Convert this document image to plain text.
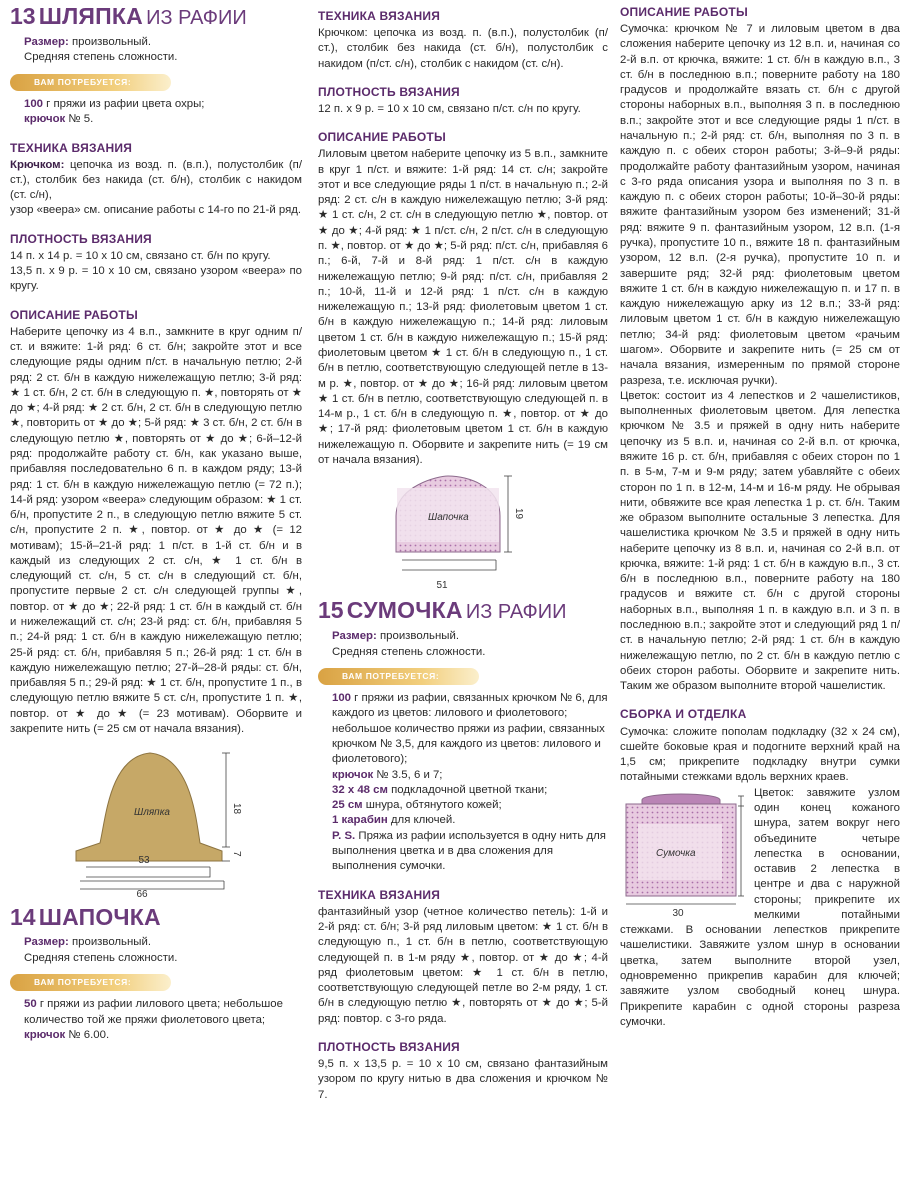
13 ШЛЯПКА ИЗ РАФИИ
Размер: произвольный.
Средняя степень сложности.
ВАМ ПОТРЕБУЕТСЯ:

100 г пряжи из рафии цвета охры;

крючок № 5.

ТЕХНИКА ВЯЗАНИЯ

Крючком: цепочка из возд. п. (в.п.), полустолбик (п/ст.), столбик без накида (ст. б/н), столбик с накидом (ст. с/н),

узор «веера» см. описание работы с 14-го по 21-й ряд.

ПЛОТНОСТЬ ВЯЗАНИЯ

14 п. x 14 р. = 10 x 10 см, связано ст. б/н по кругу.

13,5 п. x 9 р. = 10 x 10 см, связано узором «веера» по кругу.

ОПИСАНИЕ РАБОТЫ

Наберите цепочку из 4 в.п., замкните в круг одним п/ст. и вяжите: 1-й ряд: 6 ст. б/н; закройте этот и все следующие ряды одним п/ст. в начальную петлю; 2-й ряд: 2 ст. б/н в каждую нижележащую петлю; 3-й ряд: ★ 1 ст. б/н, 2 ст. б/н в следующую п. ★, повторять от ★ до ★; 4-й ряд: ★ 2 ст. б/н, 2 ст. б/н в следующую петлю ★, повторить от ★ до ★; 5-й ряд: ★ 3 ст. б/н, 2 ст. б/н в следующую петлю ★, повторять от ★ до ★; 6-й–12-й ряд: продолжайте работу ст. б/н, как указано выше, прибавляя последовательно 6 п. в каждом ряду; 13-й ряд: 1 ст. б/н в каждую нижележащую петлю (= 72 п.); 14-й ряд: узором «веера» следующим образом: ★ 1 ст. б/н, пропустите 2 п., в следующую петлю вяжите 5 ст. с/н, пропустите 2 п. ★, повтор. от ★ до ★ (= 12 мотивам); 15-й–21-й ряд: 1 п/ст. в 1-й ст. б/н и в каждый из следующих 2 ст. с/н, ★ 1 ст. б/н в следующий ст. с/н, 5 ст. с/н в следующий ст. б/н, пропустите первые 2 ст. с/н следующей группы ★, повтор. от ★ до ★; 22-й ряд: 1 ст. б/н в каждый ст. б/н и нижележащий ст. с/н; 23-й ряд: ст. б/н, прибавляя 5 п.; 24-й ряд: 1 ст. б/н в каждую нижележащую петлю; 25-й ряд: ст. б/н, прибавляя 5 п.; 26-й ряд: 1 ст. б/н в каждую нижележащую петлю; 27-й–28-й ряды: ст. б/н, прибавляя 5 п.; 29-й ряд: ★ 1 ст. б/н, пропустите 1 п., в следующую петлю вяжите 5 ст. с/н, пропустите 1 п. ★, повтор. от ★ до ★ (= 23 мотивам). Оборвите и закрепите нить (= 25 см от начала вязания).

Шляпка	18
7
53
66
14 ШАПОЧКА
Размер: произвольный.
Средняя степень сложности.
ВАМ ПОТРЕБУЕТСЯ:

50 г пряжи из рафии лилового цвета; небольшое количество той же пряжи фиолетового цвета;

крючок № 6.00.

ТЕХНИКА ВЯЗАНИЯ

Крючком: цепочка из возд. п. (в.п.), полустолбик (п/ст.), столбик без накида (ст. б/н), полустолбик с накидом (п/ст. с/н), столбик с накидом (ст. с/н).

ПЛОТНОСТЬ ВЯЗАНИЯ

12 п. x 9 р. = 10 x 10 см, связано п/ст. с/н по кругу.

ОПИСАНИЕ РАБОТЫ

Лиловым цветом наберите цепочку из 5 в.п., замкните в круг 1 п/ст. и вяжите: 1-й ряд: 14 ст. с/н; закройте этот и все следующие ряды 1 п/ст. в начальную п.; 2-й ряд: 2 ст. с/н в каждую нижележащую петлю; 3-й ряд: ★ 1 ст. с/н, 2 ст. с/н в следующую петлю ★, повтор. от ★ до ★; 4-й ряд: ★ 1 п/ст. с/н, 2 п/ст. с/н в следующую п. ★, повтор. от ★ до ★; 5-й ряд: п/ст. с/н, прибавляя 6 п.; 6-й, 7-й и 8-й ряд: 1 п/ст. с/н в каждую нижележащую петлю; 9-й ряд: п/ст. с/н, прибавляя 2 п.; 10-й, 11-й и 12-й ряд: 1 п/ст. с/н в каждую нижележащую п.; 13-й ряд: фиолетовым цветом 1 ст. б/н в каждую нижележащую п.; 14-й ряд: лиловым цветом 1 ст. б/н в каждую нижележащую п.; 15-й ряд: фиолетовым цветом ★ 1 ст. б/н в следующую п., 1 ст. б/н в петлю, соответствующую следующей петле в 13-м р. ★, повтор. от ★ до ★; 16-й ряд: лиловым цветом ★ 1 ст. б/н в петлю, соответствующую следующей п. в 14-м р., 1 ст. б/н в следующую п. ★, повтор. от ★ до ★; 17-й ряд: фиолетовым цветом 1 ст. б/н в каждую нижележащую п. Оборвите и закрепите нить (= 19 см от начала вязания).

Шапочка	19
51
15 СУМОЧКА ИЗ РАФИИ
Размер: произвольный.
Средняя степень сложности.
ВАМ ПОТРЕБУЕТСЯ:

100 г пряжи из рафии, связанных крючком № 6, для каждого из цветов: лилового и фиолетового; небольшое количество пряжи из рафии, связанных крючком № 3,5, для каждого из цветов: лилового и фиолетового);

крючок № 3.5, 6 и 7;

32 x 48 см подкладочной цветной ткани;

25 см шнура, обтянутого кожей;

1 карабин для ключей.

P. S. Пряжа из рафии используется в одну нить для выполнения цветка и в два сложения для выполнения сумочки.

ТЕХНИКА ВЯЗАНИЯ

фантазийный узор (четное количество петель): 1-й и 2-й ряд: ст. б/н; 3-й ряд лиловым цветом: ★ 1 ст. б/н в следующую п., 1 ст. б/н в петлю, соответствующую следующей п. в 1-м ряду ★, повтор. от ★ до ★; 4-й ряд фиолетовым цветом: ★ 1 ст. б/н в петлю, соответствующую следующей петле во 2-м ряду, 1 ст. б/н в следующую петлю ★, повторять от ★ до ★; 5-й ряд: повтор. с 3-го ряда.

ПЛОТНОСТЬ ВЯЗАНИЯ

9,5 п. x 13,5 р. = 10 x 10 см, связано фантазийным узором по кругу нитью в два сложения и крючком № 7.

ОПИСАНИЕ РАБОТЫ

Сумочка: крючком № 7 и лиловым цветом в два сложения наберите цепочку из 12 в.п. и, начиная со 2-й в.п. от крючка, вяжите: 1 ст. б/н в каждую в.п., 3 ст. б/н в последнюю в.п.; поверните работу на 180 градусов и продолжайте вязать ст. б/н с другой стороны наборных в.п., выполняя 3 п. в последнюю в.п.; закройте этот и все следующие ряды 1 п/ст. в начальную п.; 2-й ряд: ст. б/н, выполняя по 3 п. в каждую п. с обеих сторон работы; 3-й–9-й ряды: продолжайте работу фантазийным узором, начиная с 3-го ряда описания узора и выполняя по 3 п. в каждую п. с обеих сторон работы; 10-й–30-й ряды: вяжите фантазийным узором без изменений; 31-й ряд: вяжите 9 п. фантазийным узором, 12 в.п. (1-я ручка), пропустите 10 п., вяжите 18 п. фантазийным узором, 12 в.п. (2-я ручка), пропустите 10 п. и завершите ряд; 32-й ряд: фиолетовым цветом вяжите 1 ст. б/н в каждую нижележащую п. и 17 п. в каждую нижележащую арку из 12 в.п.; 33-й ряд: лиловым цветом 1 ст. б/н в каждую нижележащую петлю; 34-й ряд: фиолетовым цветом «рачьим шагом». Оборвите и закрепите нить (= 25 см от начала вязания, измеренным по прямой стороне разреза, т.е. исключая ручки).

Цветок: состоит из 4 лепестков и 2 чашелистиков, выполненных фиолетовым цветом. Для лепестка крючком № 3.5 и пряжей в одну нить наберите цепочку из 5 в.п. и, начиная со 2-й в.п. от крючка, вяжите 16 р. ст. б/н, прибавляя с обеих сторон по 1 п. в 5-м, 7-м и 9-м ряду; затем убавляйте с обеих сторон по 1 п. в 12-м, 14-м и 16-м ряду. Не обрывая нити, обвяжите все края лепестка 1 р. ст. б/н. Таким же образом выполните остальные 3 лепестка. Для чашелистика крючком № 3.5 и пряжей в одну нить наберите цепочку из 8 в.п. и, начиная со 2-й в.п. от крючка, вяжите: 1-й ряд: 1 ст. б/н в каждую в.п., 3 ст. б/н в последнюю в.п., поверните работу на 180 градусов и вяжите ст. б/н с другой стороны наборных в.п., выполняя 1 п. в каждую в.п. и 3 п. в последнюю в.п.; закройте этот и следующий ряд 1 п/ст. в начальную петлю; 2-й ряд: 1 ст. б/н в каждую нижележащую петлю, по 2 ст. б/н в каждую петлю с обеих сторон работы. Оборвите и закрепите нить. Таким же образом выполните второй чашелистик.

СБОРКА И ОТДЕЛКА

Сумочка: сложите пополам подкладку (32 x 24 см), сшейте боковые края и подогните верхний край на 1,5 см; прикрепите подкладку внутри сумки потайными стежками вдоль верхних краев.

Сумочка
30

Цветок: завяжите узлом один конец кожаного шнура, затем вокруг него объедините четыре лепестка в основании, оставив 2 лепестка в центре и два с наружной стороны; прикрепите их мелкими потайными стежками. В основании лепестков прикрепите чашелистики. Завяжите узлом шнур в основании цветка, затем выполните второй узел, одновременно прикрепив карабин для ключей; завяжите узлом свободный конец шнура. Прикрепите карабин с одной стороны разреза сумочки.
